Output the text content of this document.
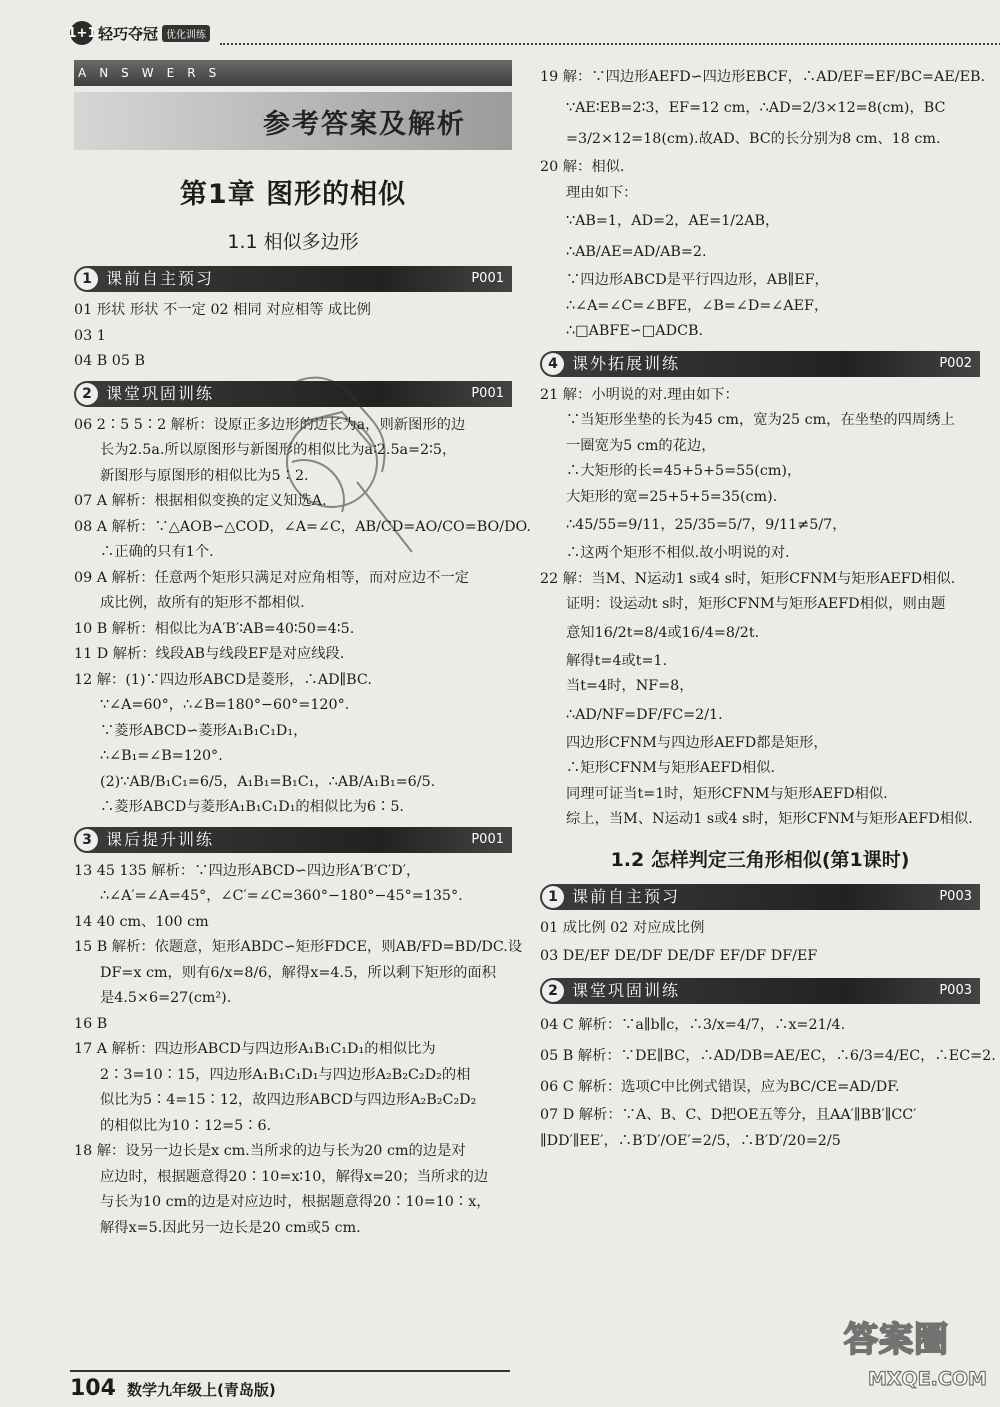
1+1 轻巧夺冠 优化训练
ANSWERS
参考答案及解析
第1章 图形的相似
1.1 相似多边形
1 课前自主预习	P001
01 形状 形状 不一定 02 相同 对应相等 成比例
03 1
04 B 05 B
2 课堂巩固训练	P001
06 2∶5 5∶2 解析：设原正多边形的边长为a，则新图形的边
长为2.5a.所以原图形与新图形的相似比为a∶2.5a=2∶5，
新图形与原图形的相似比为5∶2.
07 A 解析：根据相似变换的定义知选A.
08 A 解析：∵△AOB∽△COD，∠A=∠C，AB/CD=AO/CO=BO/DO.
∴正确的只有1个.
09 A 解析：任意两个矩形只满足对应角相等，而对应边不一定
成比例，故所有的矩形不都相似.
10 B 解析：相似比为A′B′∶AB=40∶50=4∶5.
11 D 解析：线段AB与线段EF是对应线段.
12 解：(1)∵四边形ABCD是菱形，∴AD∥BC.
∵∠A=60°，∴∠B=180°−60°=120°.
∵菱形ABCD∽菱形A₁B₁C₁D₁，
∴∠B₁=∠B=120°.
(2)∵AB/B₁C₁=6/5，A₁B₁=B₁C₁，∴AB/A₁B₁=6/5.
∴菱形ABCD与菱形A₁B₁C₁D₁的相似比为6∶5.
3 课后提升训练	P001
13 45 135 解析：∵四边形ABCD∽四边形A′B′C′D′，
∴∠A′=∠A=45°，∠C′=∠C=360°−180°−45°=135°.
14 40 cm、100 cm
15 B 解析：依题意，矩形ABDC∽矩形FDCE，则AB/FD=BD/DC.设
DF=x cm，则有6/x=8/6，解得x=4.5，所以剩下矩形的面积
是4.5×6=27(cm²).
16 B
17 A 解析：四边形ABCD与四边形A₁B₁C₁D₁的相似比为
2∶3=10∶15，四边形A₁B₁C₁D₁与四边形A₂B₂C₂D₂的相
似比为5∶4=15∶12，故四边形ABCD与四边形A₂B₂C₂D₂
的相似比为10∶12=5∶6.
18 解：设另一边长是x cm.当所求的边与长为20 cm的边是对
应边时，根据题意得20∶10=x∶10，解得x=20；当所求的边
与长为10 cm的边是对应边时，根据题意得20∶10=10∶x，
解得x=5.因此另一边长是20 cm或5 cm.
19 解：∵四边形AEFD∽四边形EBCF，∴AD/EF=EF/BC=AE/EB.
∵AE∶EB=2∶3，EF=12 cm，∴AD=2/3×12=8(cm)，BC
=3/2×12=18(cm).故AD、BC的长分别为8 cm、18 cm.
20 解：相似.
理由如下：
∵AB=1，AD=2，AE=1/2AB，
∴AB/AE=AD/AB=2.
∵四边形ABCD是平行四边形，AB∥EF，
∴∠A=∠C=∠BFE，∠B=∠D=∠AEF，
∴□ABFE∽□ADCB.
4 课外拓展训练	P002
21 解：小明说的对.理由如下：
∵当矩形坐垫的长为45 cm，宽为25 cm，在坐垫的四周绣上
一圈宽为5 cm的花边，
∴大矩形的长=45+5+5=55(cm)，
大矩形的宽=25+5+5=35(cm).
∴45/55=9/11，25/35=5/7，9/11≠5/7，
∴这两个矩形不相似.故小明说的对.
22 解：当M、N运动1 s或4 s时，矩形CFNM与矩形AEFD相似.
证明：设运动t s时，矩形CFNM与矩形AEFD相似，则由题
意知16/2t=8/4或16/4=8/2t.
解得t=4或t=1.
当t=4时，NF=8，
∴AD/NF=DF/FC=2/1.
四边形CFNM与四边形AEFD都是矩形，
∴矩形CFNM与矩形AEFD相似.
同理可证当t=1时，矩形CFNM与矩形AEFD相似.
综上，当M、N运动1 s或4 s时，矩形CFNM与矩形AEFD相似.
1.2 怎样判定三角形相似(第1课时)
1 课前自主预习	P003
01 成比例 02 对应成比例
03 DE/EF DE/DF DE/DF EF/DF DF/EF
2 课堂巩固训练	P003
04 C 解析：∵a∥b∥c，∴3/x=4/7，∴x=21/4.
05 B 解析：∵DE∥BC，∴AD/DB=AE/EC，∴6/3=4/EC，∴EC=2.
06 C 解析：选项C中比例式错误，应为BC/CE=AD/DF.
07 D 解析：∵A、B、C、D把OE五等分，且AA′∥BB′∥CC′
∥DD′∥EE′，∴B′D′/OE′=2/5，∴B′D′/20=2/5
104 数学九年级上(青岛版)
答案圈
MXQE.COM
